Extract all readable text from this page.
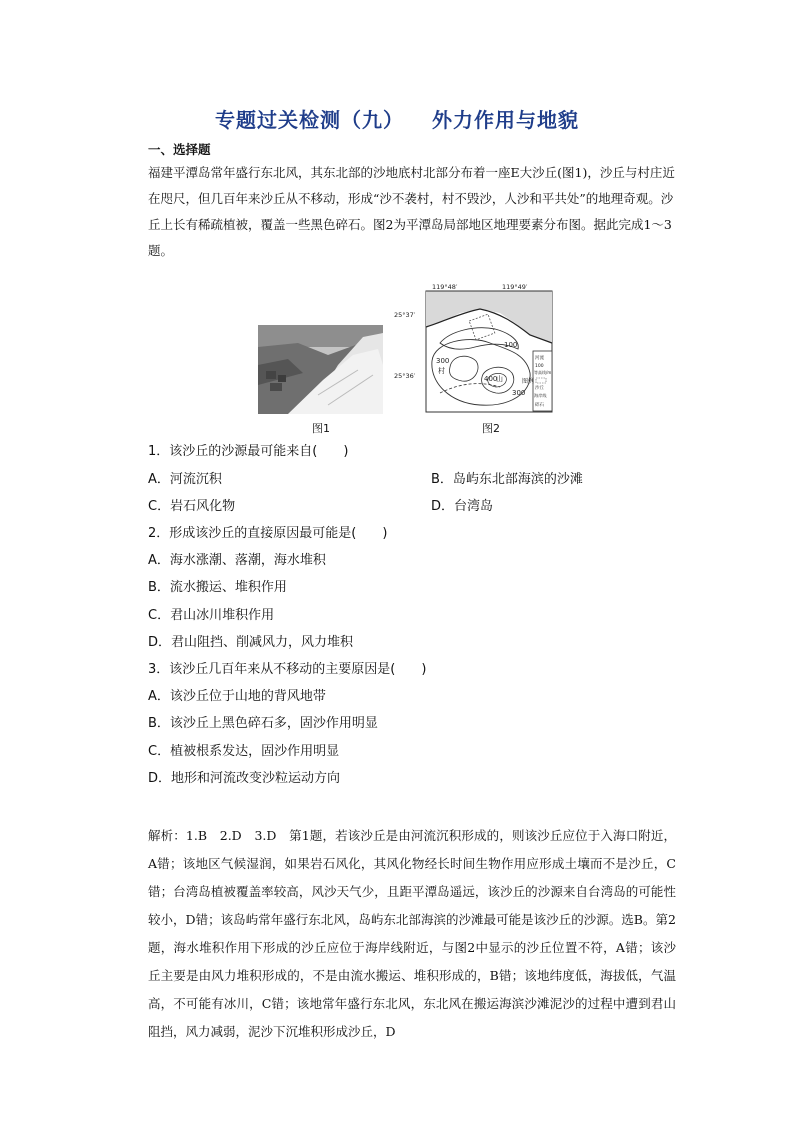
专题过关检测（九） 外力作用与地貌
一、选择题
福建平潭岛常年盛行东北风，其东北部的沙地底村北部分布着一座E大沙丘(图1)，沙丘与村庄近在咫尺，但几百年来沙丘从不移动，形成“沙不袭村，村不毁沙，人沙和平共处”的地理奇观。沙丘上长有稀疏植被，覆盖一些黑色碎石。图2为平潭岛局部地区地理要素分布图。据此完成1～3题。
图1
119°48′	119°49′
25°37′
25°36′
100
300
村
400
山
300
图例
河流
100
等高线/m
沙丘
海岸线
碎石
图2
1．该沙丘的沙源最可能来自(　　)
A．河流沉积	B．岛屿东北部海滨的沙滩
C．岩石风化物	D．台湾岛
2．形成该沙丘的直接原因最可能是(　　)
A．海水涨潮、落潮，海水堆积
B．流水搬运、堆积作用
C．君山冰川堆积作用
D．君山阻挡、削减风力，风力堆积
3．该沙丘几百年来从不移动的主要原因是(　　)
A．该沙丘位于山地的背风地带
B．该沙丘上黑色碎石多，固沙作用明显
C．植被根系发达，固沙作用明显
D．地形和河流改变沙粒运动方向
解析：1.B　2.D　3.D　第1题，若该沙丘是由河流沉积形成的，则该沙丘应位于入海口附近，A错；该地区气候湿润，如果岩石风化，其风化物经长时间生物作用应形成土壤而不是沙丘，C错；台湾岛植被覆盖率较高，风沙天气少，且距平潭岛遥远，该沙丘的沙源来自台湾岛的可能性较小，D错；该岛屿常年盛行东北风，岛屿东北部海滨的沙滩最可能是该沙丘的沙源。选B。第2题，海水堆积作用下形成的沙丘应位于海岸线附近，与图2中显示的沙丘位置不符，A错；该沙丘主要是由风力堆积形成的，不是由流水搬运、堆积形成的，B错；该地纬度低，海拔低，气温高，不可能有冰川，C错；该地常年盛行东北风，东北风在搬运海滨沙滩泥沙的过程中遭到君山阻挡，风力减弱，泥沙下沉堆积形成沙丘，D
